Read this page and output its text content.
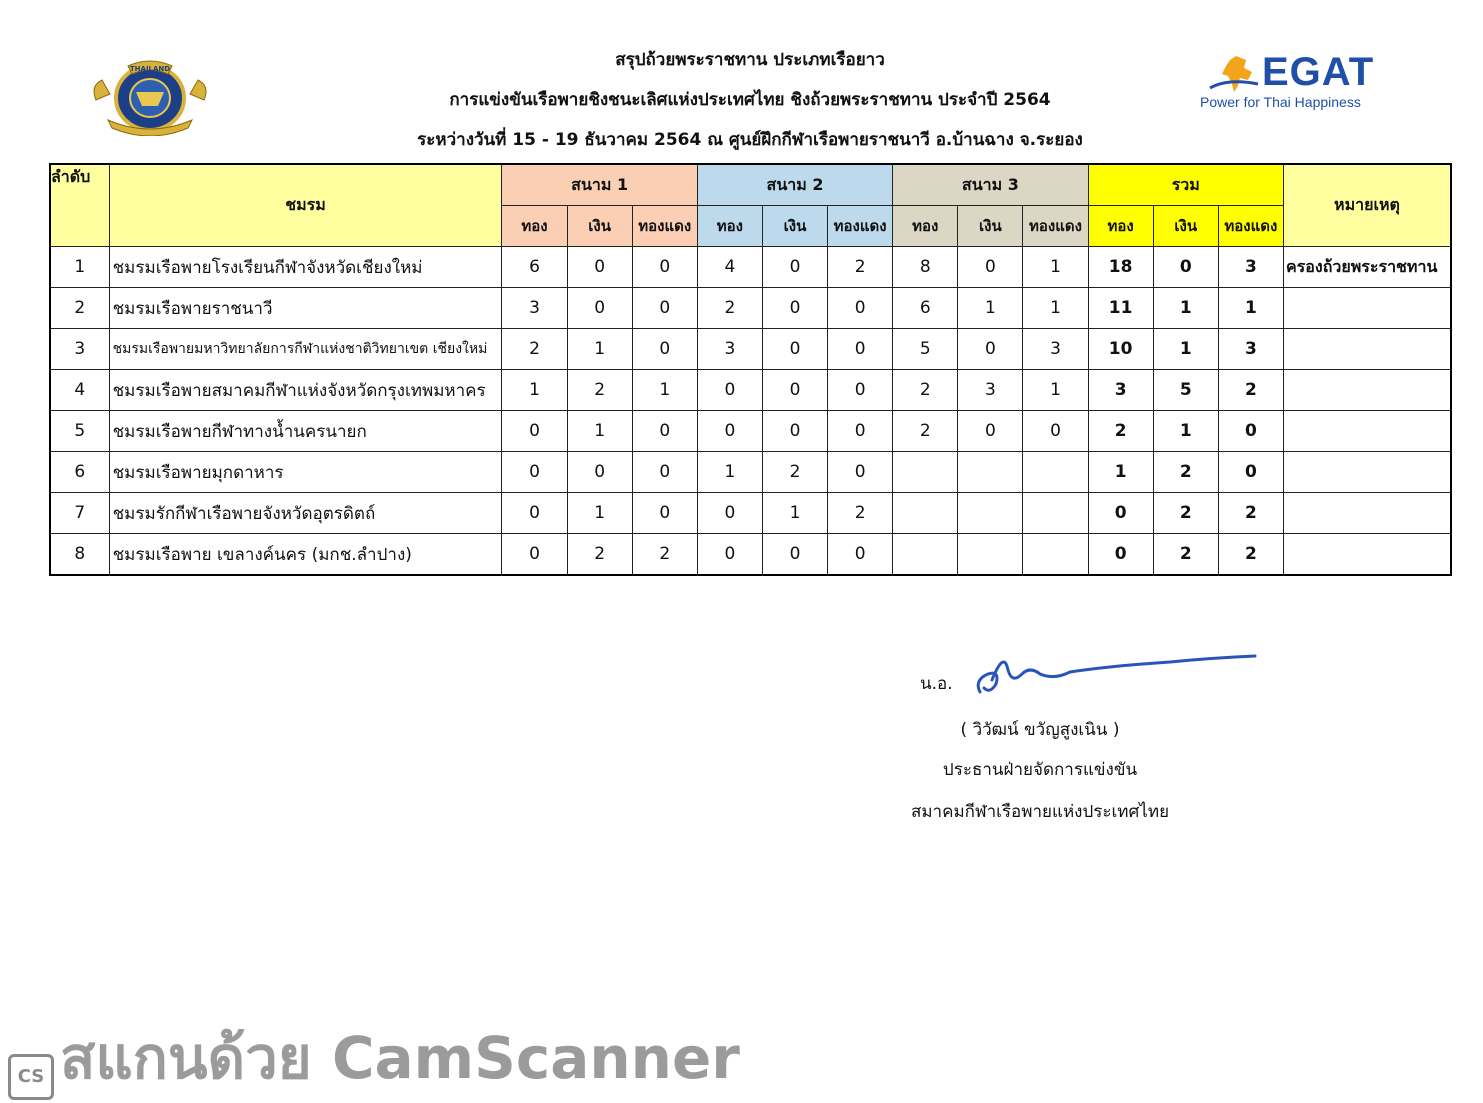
สรุปถ้วยพระราชทาน ประเภทเรือยาว
การแข่งขันเรือพายชิงชนะเลิศแห่งประเทศไทย ชิงถ้วยพระราชทาน ประจำปี 2564
ระหว่างวันที่ 15 - 19 ธันวาคม 2564 ณ ศูนย์ฝึกกีฬาเรือพายราชนาวี อ.บ้านฉาง จ.ระยอง
THAILAND	EGAT
Power for Thai Happiness
ลำดับ	ชมรม	สนาม 1			สนาม 2			สนาม 3			รวม			หมายเหตุ
		ทอง	เงิน	ทองแดง	ทอง	เงิน	ทองแดง	ทอง	เงิน	ทองแดง	ทอง	เงิน	ทองแดง	
1	ชมรมเรือพายโรงเรียนกีฬาจังหวัดเชียงใหม่	6	0	0	4	0	2	8	0	1	18	0	3	ครองถ้วยพระราชทาน
2	ชมรมเรือพายราชนาวี	3	0	0	2	0	0	6	1	1	11	1	1	
3	ชมรมเรือพายมหาวิทยาลัยการกีฬาแห่งชาติวิทยาเขต เชียงใหม่	2	1	0	3	0	0	5	0	3	10	1	3	
4	ชมรมเรือพายสมาคมกีฬาแห่งจังหวัดกรุงเทพมหาคร	1	2	1	0	0	0	2	3	1	3	5	2	
5	ชมรมเรือพายกีฬาทางน้ำนครนายก	0	1	0	0	0	0	2	0	0	2	1	0	
6	ชมรมเรือพายมุกดาหาร	0	0	0	1	2	0				1	2	0	
7	ชมรมรักกีฬาเรือพายจังหวัดอุตรดิตถ์	0	1	0	0	1	2				0	2	2	
8	ชมรมเรือพาย เขลางค์นคร (มกช.ลำปาง)	0	2	2	0	0	0				0	2	2	
น.อ.
( วิวัฒน์ ขวัญสูงเนิน )
ประธานฝ่ายจัดการแข่งขัน
สมาคมกีฬาเรือพายแห่งประเทศไทย
CS สแกนด้วย CamScanner
